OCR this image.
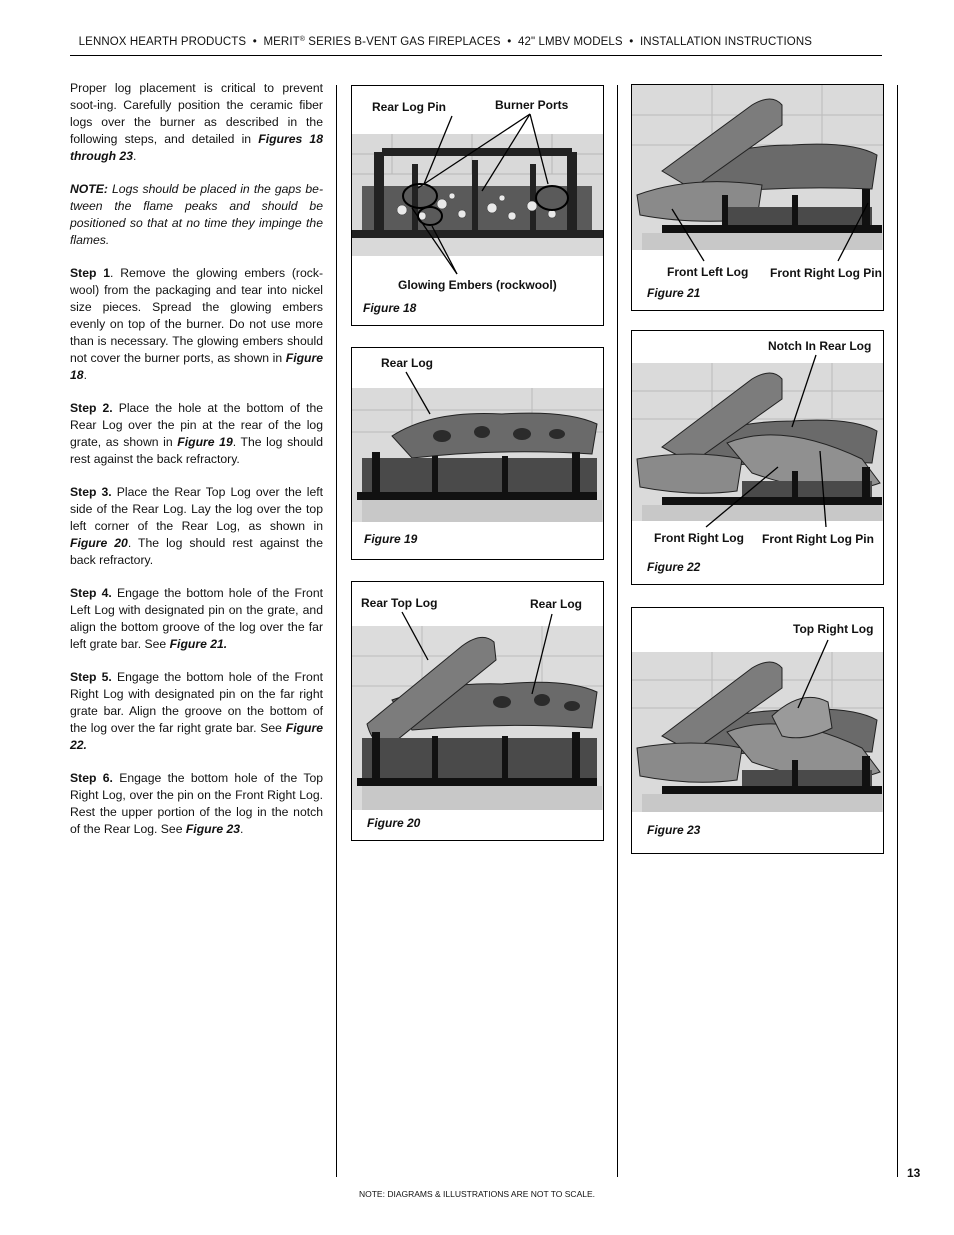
LENNOX HEARTH PRODUCTS  •  MERIT ® SERIES B-VENT GAS FIREPLACES  •  42" LMBV MODELS  •  INSTALLATION INSTRUCTIONS

Proper log placement is critical to prevent soot-ing. Carefully position the ceramic fiber logs over the burner as described in the following steps, and detailed in Figures 18 through 23.

NOTE: Logs should be placed in the gaps be-tween the flame peaks and should be positioned so that at no time they impinge the flames.

Step 1. Remove the glowing embers (rock-wool) from the packaging and tear into nickel size pieces. Spread the glowing embers evenly on top of the burner. Do not use more than is necessary. The glowing embers should not cover the burner ports, as shown in Figure 18.

Step 2. Place the hole at the bottom of the Rear Log over the pin at the rear of the log grate, as shown in Figure 19. The log should rest against the back refractory.

Step 3. Place the Rear Top Log over the left side of the Rear Log. Lay the log over the top left corner of the Rear Log, as shown in Figure 20. The log should rest against the back refractory.

Step 4. Engage the bottom hole of the Front Left Log with designated pin on the grate, and align the bottom groove of the log over the far left grate bar. See Figure 21.

Step 5. Engage the bottom hole of the Front Right Log with designated pin on the far right grate bar. Align the groove on the bottom of the log over the far right grate bar. See Figure 22.

Step 6. Engage the bottom hole of the Top Right Log, over the pin on the Front Right Log. Rest the upper portion of the log in the notch of the Rear Log. See Figure 23.

Rear Log Pin	Burner Ports
Glowing Embers (rockwool)
Figure 18
Rear Log
Figure 19
Rear Top Log	Rear Log
Figure 20
Front Left Log Front Right Log Pin
Figure 21
Notch In Rear Log
Front Right Log Front Right Log Pin
Figure 22
Top Right Log
Figure 23
13
NOTE: DIAGRAMS & ILLUSTRATIONS ARE NOT TO SCALE.
